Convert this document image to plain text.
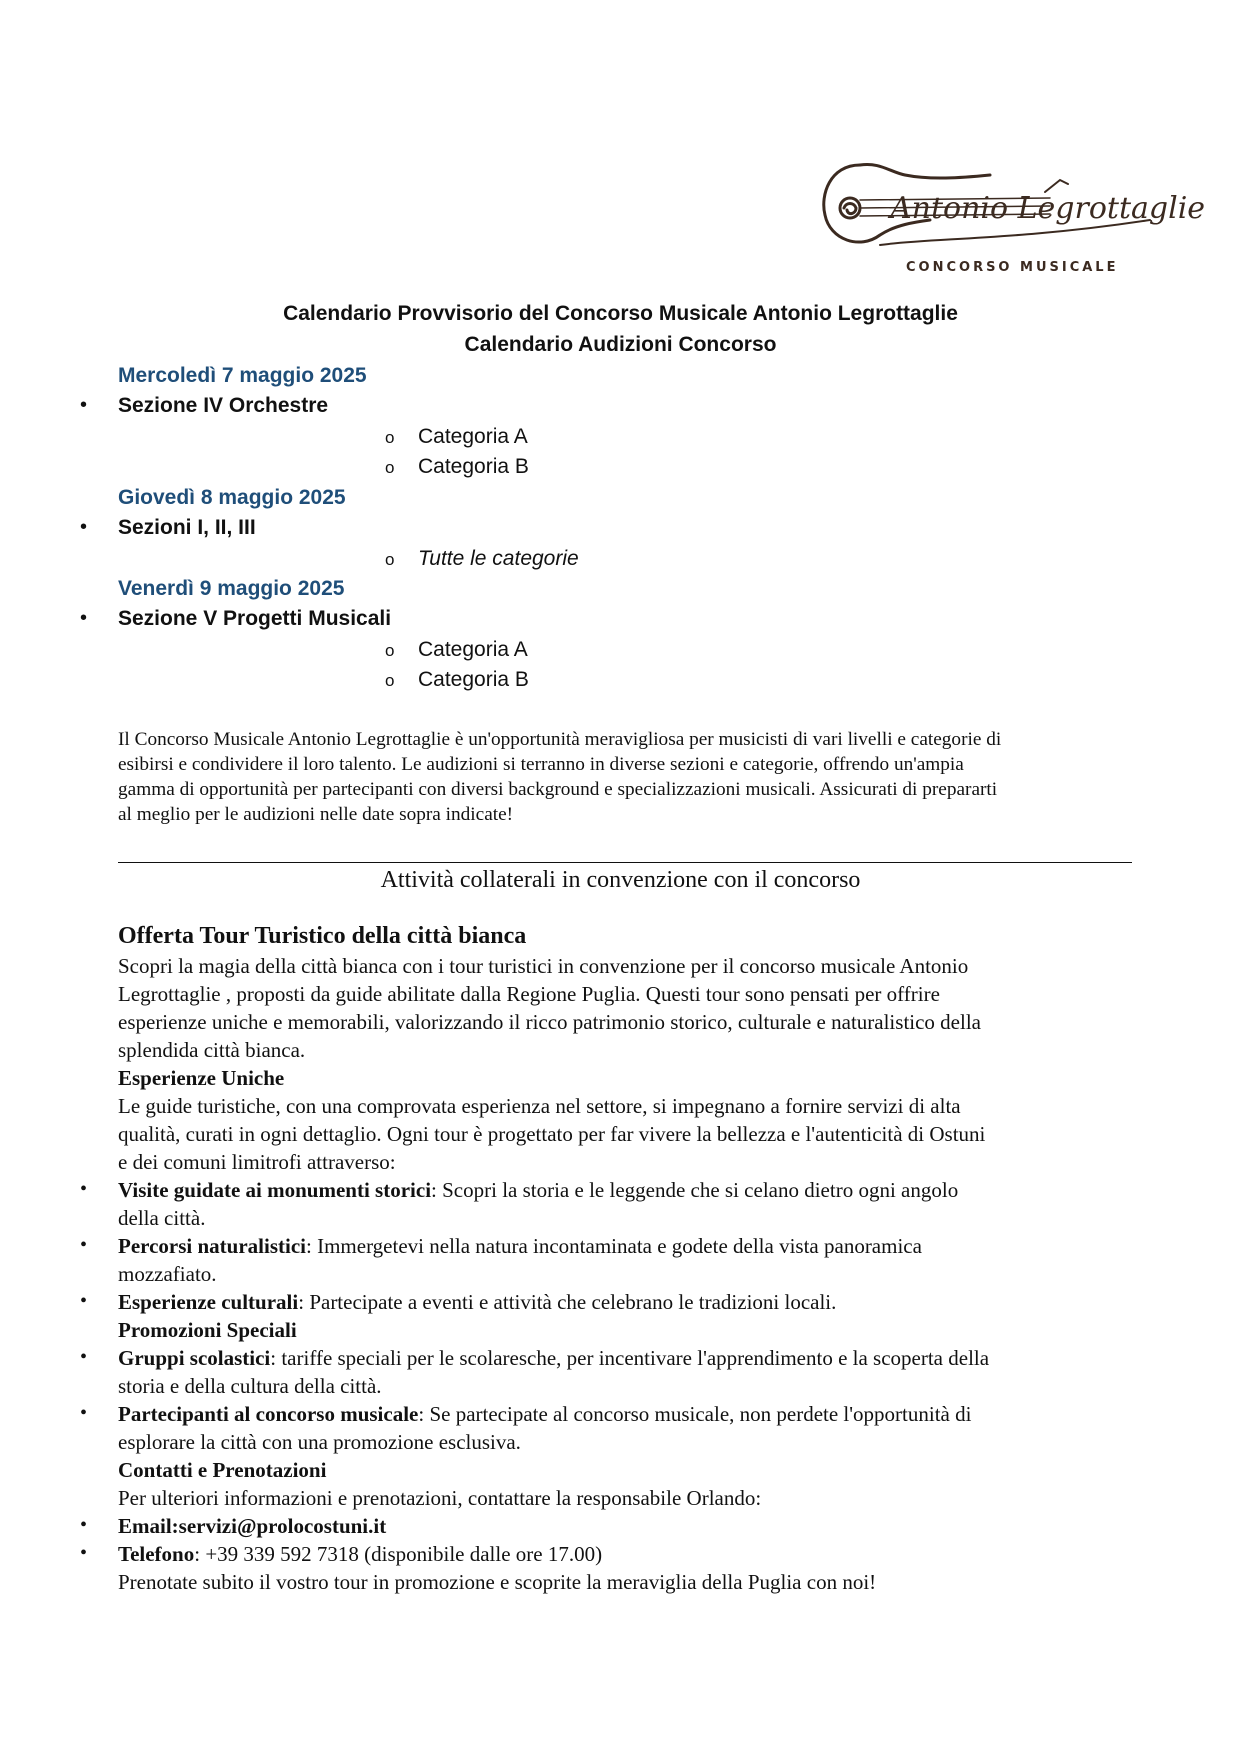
Antonio Legrottaglie
CONCORSO MUSICALE
Calendario Provvisorio del Concorso Musicale Antonio Legrottaglie
Calendario Audizioni Concorso
Mercoledì 7 maggio 2025
• Sezione IV Orchestre
o Categoria A
o Categoria B
Giovedì 8 maggio 2025
• Sezioni I, II, III
o Tutte le categorie
Venerdì 9 maggio 2025
• Sezione V Progetti Musicali
o Categoria A
o Categoria B
Il Concorso Musicale Antonio Legrottaglie è un'opportunità meravigliosa per musicisti di vari livelli e categorie di
esibirsi e condividere il loro talento. Le audizioni si terranno in diverse sezioni e categorie, offrendo un'ampia
gamma di opportunità per partecipanti con diversi background e specializzazioni musicali. Assicurati di prepararti
al meglio per le audizioni nelle date sopra indicate!
Attività collaterali in convenzione con il concorso
Offerta Tour Turistico della città bianca
Scopri la magia della città bianca con i tour turistici in convenzione per il concorso musicale Antonio
Legrottaglie , proposti da guide abilitate dalla Regione Puglia. Questi tour sono pensati per offrire
esperienze uniche e memorabili, valorizzando il ricco patrimonio storico, culturale e naturalistico della
splendida città bianca.
Esperienze Uniche
Le guide turistiche, con una comprovata esperienza nel settore, si impegnano a fornire servizi di alta
qualità, curati in ogni dettaglio. Ogni tour è progettato per far vivere la bellezza e l'autenticità di Ostuni
e dei comuni limitrofi attraverso:
• Visite guidate ai monumenti storici: Scopri la storia e le leggende che si celano dietro ogni angolo
della città.
• Percorsi naturalistici: Immergetevi nella natura incontaminata e godete della vista panoramica
mozzafiato.
• Esperienze culturali: Partecipate a eventi e attività che celebrano le tradizioni locali.
Promozioni Speciali
• Gruppi scolastici: tariffe speciali per le scolaresche, per incentivare l'apprendimento e la scoperta della
storia e della cultura della città.
• Partecipanti al concorso musicale: Se partecipate al concorso musicale, non perdete l'opportunità di
esplorare la città con una promozione esclusiva.
Contatti e Prenotazioni
Per ulteriori informazioni e prenotazioni, contattare la responsabile Orlando:
• Email:servizi@prolocostuni.it
• Telefono: +39 339 592 7318 (disponibile dalle ore 17.00)
Prenotate subito il vostro tour in promozione e scoprite la meraviglia della Puglia con noi!
